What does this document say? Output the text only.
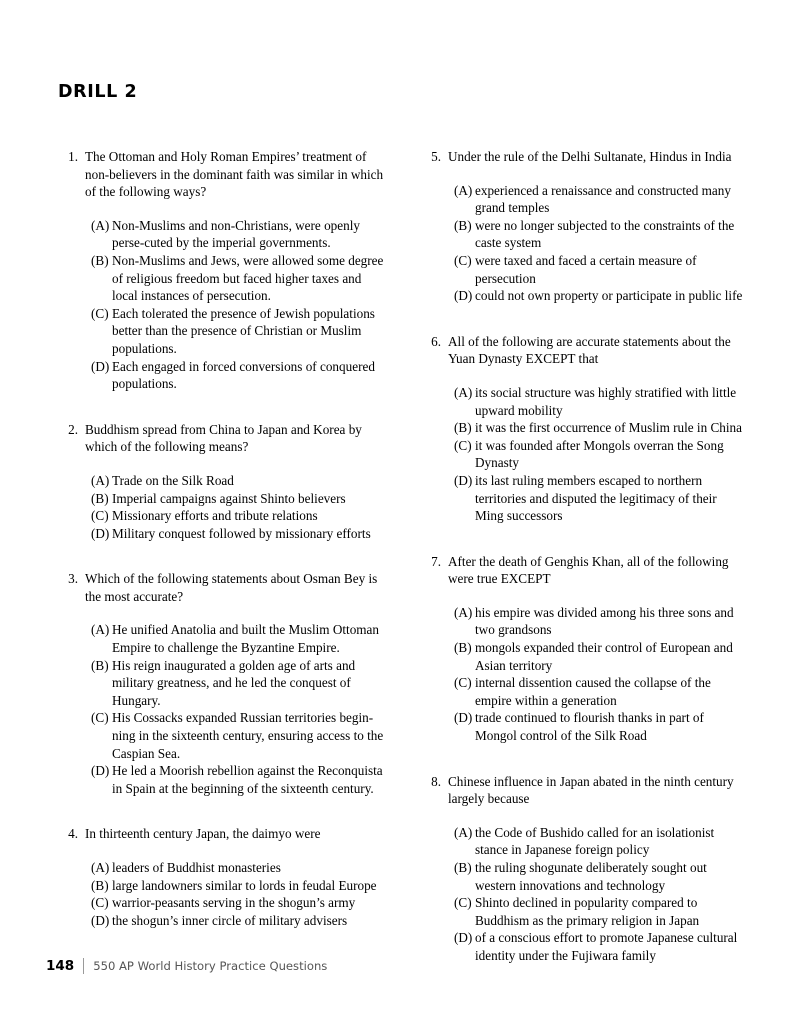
DRILL 2
1. The Ottoman and Holy Roman Empires’ treatment of non-believers in the dominant faith was similar in which of the following ways?
(A) Non-Muslims and non-Christians, were openly perse-cuted by the imperial governments.
(B) Non-Muslims and Jews, were allowed some degree of religious freedom but faced higher taxes and local instances of persecution.
(C) Each tolerated the presence of Jewish populations better than the presence of Christian or Muslim populations.
(D) Each engaged in forced conversions of conquered populations.
2. Buddhism spread from China to Japan and Korea by which of the following means?
(A) Trade on the Silk Road
(B) Imperial campaigns against Shinto believers
(C) Missionary efforts and tribute relations
(D) Military conquest followed by missionary efforts
3. Which of the following statements about Osman Bey is the most accurate?
(A) He unified Anatolia and built the Muslim Ottoman Empire to challenge the Byzantine Empire.
(B) His reign inaugurated a golden age of arts and military greatness, and he led the conquest of Hungary.
(C) His Cossacks expanded Russian territories begin-ning in the sixteenth century, ensuring access to the Caspian Sea.
(D) He led a Moorish rebellion against the Reconquista in Spain at the beginning of the sixteenth century.
4. In thirteenth century Japan, the daimyo were
(A) leaders of Buddhist monasteries
(B) large landowners similar to lords in feudal Europe
(C) warrior-peasants serving in the shogun’s army
(D) the shogun’s inner circle of military advisers
5. Under the rule of the Delhi Sultanate, Hindus in India
(A) experienced a renaissance and constructed many grand temples
(B) were no longer subjected to the constraints of the caste system
(C) were taxed and faced a certain measure of persecution
(D) could not own property or participate in public life
6. All of the following are accurate statements about the Yuan Dynasty EXCEPT that
(A) its social structure was highly stratified with little upward mobility
(B) it was the first occurrence of Muslim rule in China
(C) it was founded after Mongols overran the Song Dynasty
(D) its last ruling members escaped to northern territories and disputed the legitimacy of their Ming successors
7. After the death of Genghis Khan, all of the following were true EXCEPT
(A) his empire was divided among his three sons and two grandsons
(B) mongols expanded their control of European and Asian territory
(C) internal dissention caused the collapse of the empire within a generation
(D) trade continued to flourish thanks in part of Mongol control of the Silk Road
8. Chinese influence in Japan abated in the ninth century largely because
(A) the Code of Bushido called for an isolationist stance in Japanese foreign policy
(B) the ruling shogunate deliberately sought out western innovations and technology
(C) Shinto declined in popularity compared to Buddhism as the primary religion in Japan
(D) of a conscious effort to promote Japanese cultural identity under the Fujiwara family
148	550 AP World History Practice Questions
